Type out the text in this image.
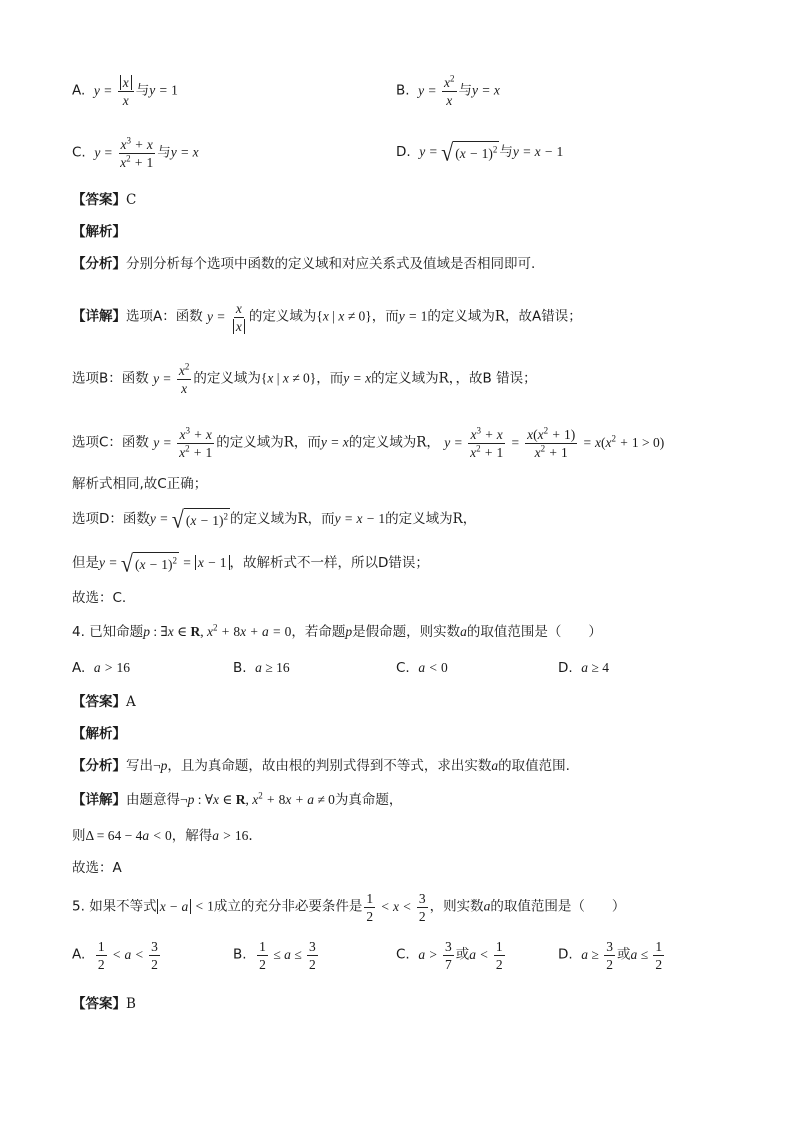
A. $y = \frac{x}{x}$ 与y = 1	B. $y = \frac{x^2}{x}$ 与y = x
C. $y = \frac{x^3 + x}{x^2 + 1}$ 与y = x	D. y = √ $(x - 1)^2$ 与y = x − 1
【答案】C
【解析】
【分析】分别分析每个选项中函数的定义域和对应关系式及值域是否相同即可.
【详解】选项A：函数 $y = \frac{x}{x}$ 的定义域为{x | x ≠ 0}，而y = 1的定义域为R，故A错误；
选项B：函数 $y = \frac{x^2}{x}$ 的定义域为{x | x ≠ 0}，而y = x的定义域为R，，故B 错误；
选项C：函数 $y = \frac{x^3 + x}{x^2 + 1}$ 的定义域为R，而y = x的定义域为R， $y = \frac{x^3 + x}{x^2 + 1} = \frac{x(x^2 + 1)}{x^2 + 1} = x(x^2 + 1 > 0)$
解析式相同,故C正确；
选项D：函数y = √ $(x - 1)^2$ 的定义域为R，而y = x − 1的定义域为R，
但是y = √ $(x - 1)^2 = x - 1$ ，故解析式不一样，所以D错误；
故选：C.
4. 已知命题p : ∃x ∈ R, $x^2 + 8x + a = 0$，若命题p是假命题，则实数a的取值范围是（　　）
A. a > 16	B. a ≥ 16	C. a < 0	D. a ≥ 4
【答案】A
【解析】
【分析】写出¬p，且为真命题，故由根的判别式得到不等式，求出实数a的取值范围.
【详解】由题意得¬p : ∀x ∈ R, $x^2 + 8x + a \ne 0$为真命题，
则Δ = 64 − 4a < 0，解得a > 16.
故选：A
5. 如果不等式 x − a < 1成立的充分非必要条件是 $\frac{1}{2} < x < \frac{3}{2}$ ，则实数a的取值范围是（　　）
A. $\frac{1}{2} < a < \frac{3}{2}$	B. $\frac{1}{2} \le a \le \frac{3}{2}$	C. $a > \frac{3}{7}$ 或$a < \frac{1}{2}$	D. $a \ge \frac{3}{2}$ 或$a \le \frac{1}{2}$
【答案】B
